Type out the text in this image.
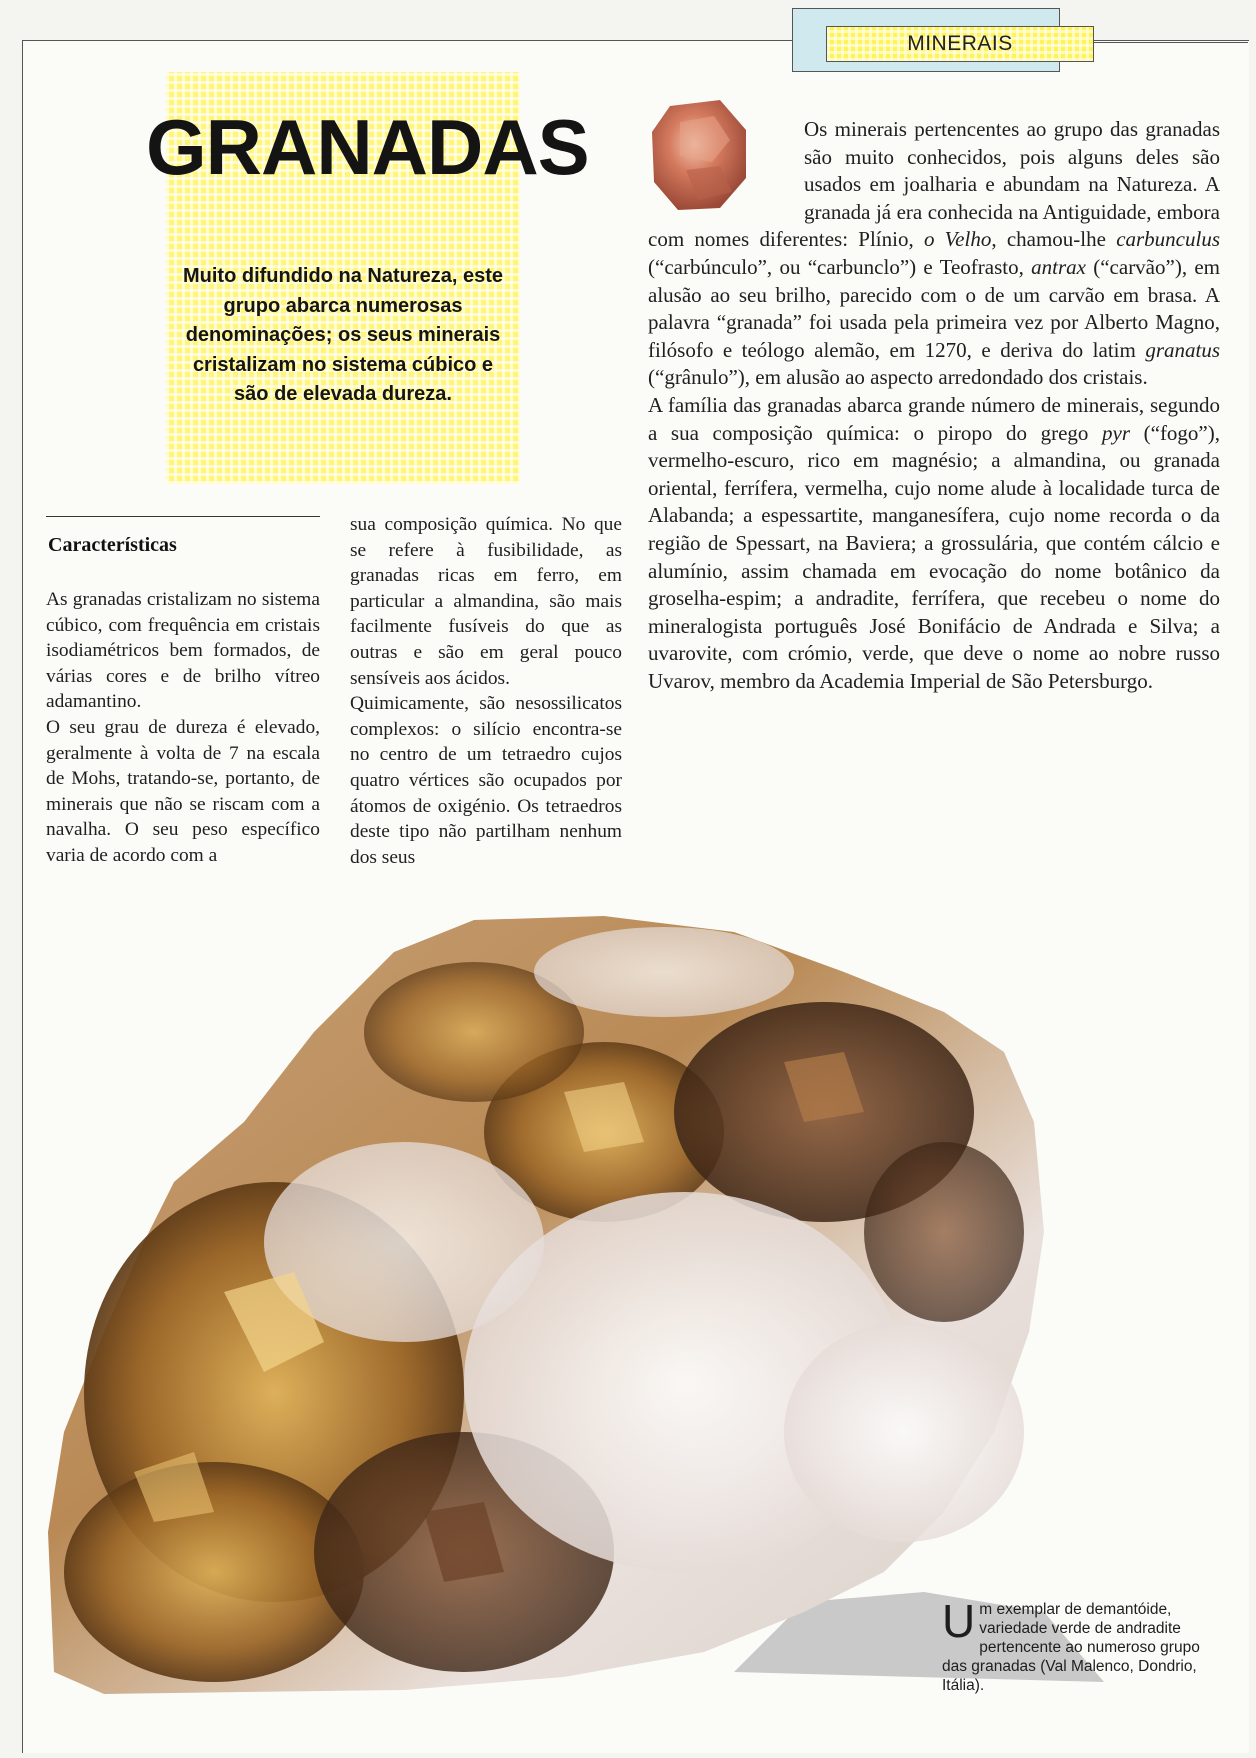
MINERAIS
GRANADAS
Muito difundido na Natureza, este grupo abarca numerosas denominações; os seus minerais cristalizam no sistema cúbico e são de elevada dureza.
Características

As granadas cristalizam no sistema cúbico, com frequência em cristais isodiamétricos bem formados, de várias cores e de brilho vítreo adamantino.

O seu grau de dureza é elevado, geralmente à volta de 7 na escala de Mohs, tratando-se, portanto, de minerais que não se riscam com a navalha. O seu peso específico varia de acordo com a

sua composição química. No que se refere à fusibilidade, as granadas ricas em ferro, em particular a almandina, são mais facilmente fusíveis do que as outras e são em geral pouco sensíveis aos ácidos.

Quimicamente, são nesossilicatos complexos: o silício encontra-se no centro de um tetraedro cujos quatro vértices são ocupados por átomos de oxigénio. Os tetraedros deste tipo não partilham nenhum dos seus

Os minerais pertencentes ao grupo das granadas são muito conhecidos, pois alguns deles são usados em joalharia e abundam na Natureza. A granada já era conhecida na Antiguidade, embora com nomes diferentes: Plínio, o Velho, chamou-lhe carbunculus (“carbúnculo”, ou “carbunclo”) e Teofrasto, antrax (“carvão”), em alusão ao seu brilho, parecido com o de um carvão em brasa. A palavra “granada” foi usada pela primeira vez por Alberto Magno, filósofo e teólogo alemão, em 1270, e deriva do latim granatus (“grânulo”), em alusão ao aspecto arredondado dos cristais.

A família das granadas abarca grande número de minerais, segundo a sua composição química: o piropo do grego pyr (“fogo”), vermelho-escuro, rico em magnésio; a almandina, ou granada oriental, ferrífera, vermelha, cujo nome alude à localidade turca de Alabanda; a espessartite, manganesífera, cujo nome recorda o da região de Spessart, na Baviera; a grossulária, que contém cálcio e alumínio, assim chamada em evocação do nome botânico da groselha-espim; a andradite, ferrífera, que recebeu o nome do mineralogista português José Bonifácio de Andrada e Silva; a uvarovite, com crómio, verde, que deve o nome ao nobre russo Uvarov, membro da Academia Imperial de São Petersburgo.

Um exemplar de demantóide, variedade verde de andradite pertencente ao numeroso grupo das granadas (Val Malenco, Dondrio, Itália).
